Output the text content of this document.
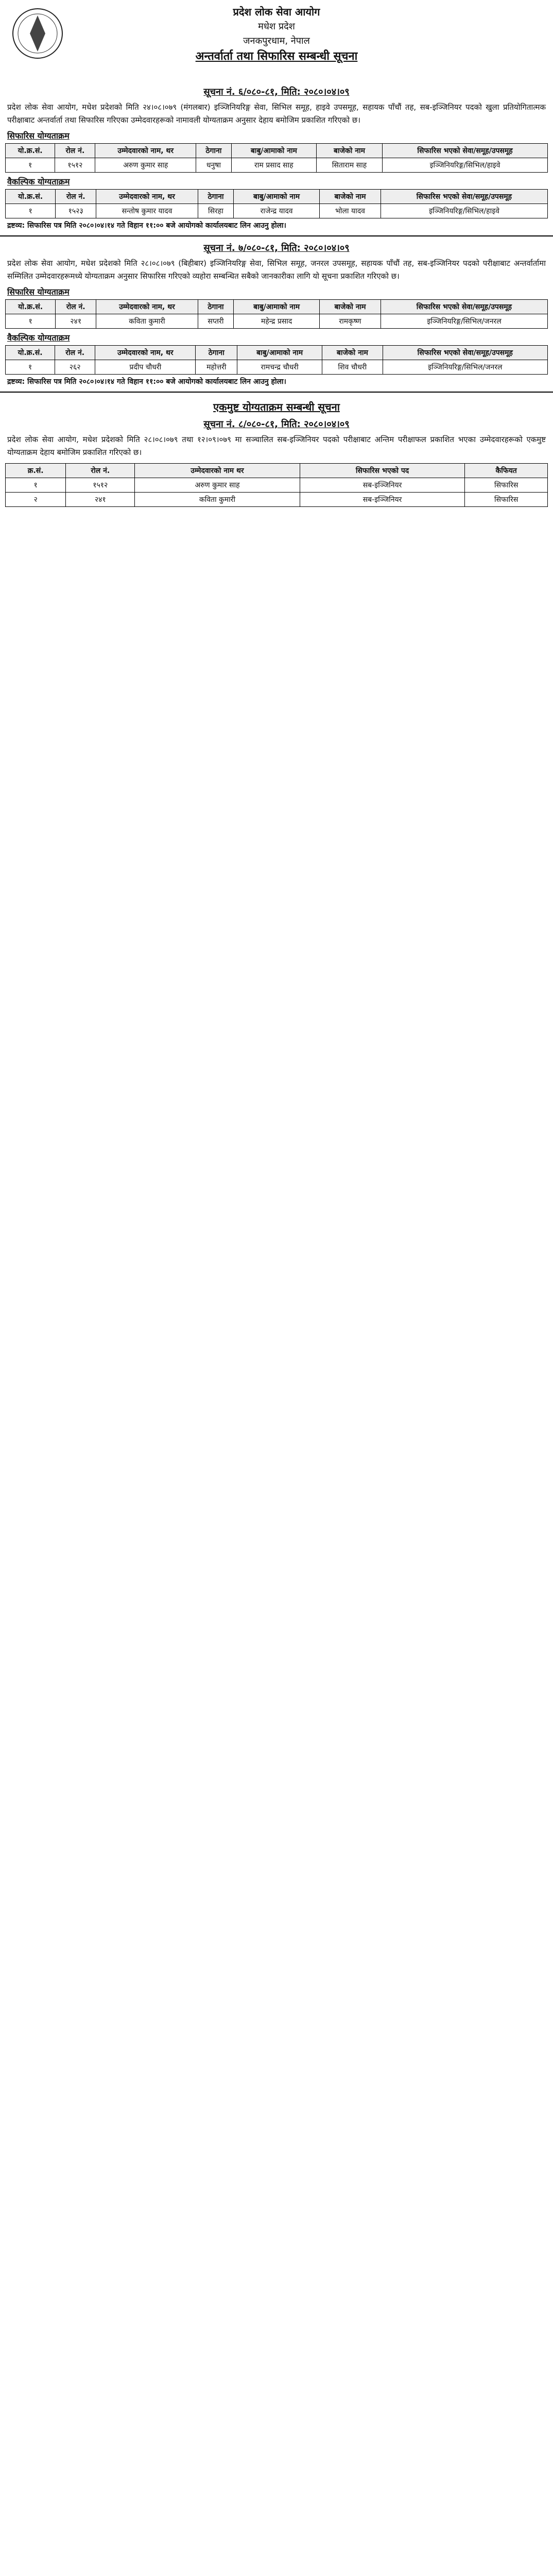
प्रदेश लोक सेवा आयोग
मधेश प्रदेश
जनकपुरधाम, नेपाल
अन्तर्वार्ता तथा सिफारिस सम्बन्धी सूचना
सूचना नं. ६/०८०-८१, मिति: २०८०।०४।०९
प्रदेश लोक सेवा आयोग, मधेश प्रदेशको मिति २४।०८।०७९ (मंगलबार) इञ्जिनियरिङ्ग सेवा, सिभिल समूह, हाइवे उपसमूह, सहायक पाँचौं तह, सब-इञ्जिनियर पदको खुला प्रतियोगितात्मक परीक्षाबाट अन्तर्वार्ता तथा सिफारिस गरिएका उम्मेदवारहरूको नामावली योग्यताक्रम अनुसार देहाय बमोजिम प्रकाशित गरिएको छ।
सिफारिस योग्यताक्रम
यो.क्र.सं.	रोल नं.	उम्मेदवारको नाम, थर	ठेगाना	बाबु/आमाको नाम	बाजेको नाम	सिफारिस भएको सेवा/समूह/उपसमूह
१	१५१२	अरुण कुमार साह	धनुषा	राम प्रसाद साह	सिताराम साह	इञ्जिनियरिङ्ग/सिभिल/हाइवे
वैकल्पिक योग्यताक्रम
यो.क्र.सं.	रोल नं.	उम्मेदवारको नाम, थर	ठेगाना	बाबु/आमाको नाम	बाजेको नाम	सिफारिस भएको सेवा/समूह/उपसमूह
१	१५२३	सन्तोष कुमार यादव	सिरहा	राजेन्द्र यादव	भोला यादव	इञ्जिनियरिङ्ग/सिभिल/हाइवे
द्रष्टव्य: सिफारिस पत्र मिति २०८०।०४।१४ गते विहान ११:०० बजे आयोगको कार्यालयबाट लिन आउनु होला।
सूचना नं. ७/०८०-८१, मिति: २०८०।०४।०९
प्रदेश लोक सेवा आयोग, मधेश प्रदेशको मिति २८।०८।०७९ (बिहीबार) इञ्जिनियरिङ्ग सेवा, सिभिल समूह, जनरल उपसमूह, सहायक पाँचौं तह, सब-इञ्जिनियर पदको परीक्षाबाट अन्तर्वार्तामा सम्मिलित उम्मेदवारहरूमध्ये योग्यताक्रम अनुसार सिफारिस गरिएको व्यहोरा सम्बन्धित सबैको जानकारीका लागि यो सूचना प्रकाशित गरिएको छ।
सिफारिस योग्यताक्रम
यो.क्र.सं.	रोल नं.	उम्मेदवारको नाम, थर	ठेगाना	बाबु/आमाको नाम	बाजेको नाम	सिफारिस भएको सेवा/समूह/उपसमूह
१	२४१	कविता कुमारी	सप्तरी	महेन्द्र प्रसाद	रामकृष्ण	इञ्जिनियरिङ्ग/सिभिल/जनरल
वैकल्पिक योग्यताक्रम
यो.क्र.सं.	रोल नं.	उम्मेदवारको नाम, थर	ठेगाना	बाबु/आमाको नाम	बाजेको नाम	सिफारिस भएको सेवा/समूह/उपसमूह
१	२६२	प्रदीप चौधरी	महोत्तरी	रामचन्द्र चौधरी	शिव चौधरी	इञ्जिनियरिङ्ग/सिभिल/जनरल
द्रष्टव्य: सिफारिस पत्र मिति २०८०।०४।१४ गते विहान ११:०० बजे आयोगको कार्यालयबाट लिन आउनु होला।
एकमुष्ट योग्यताक्रम सम्बन्धी सूचना
सूचना नं. ८/०८०-८१, मिति: २०८०।०४।०९
प्रदेश लोक सेवा आयोग, मधेश प्रदेशको मिति २८।०८।०७९ तथा १२।०९।०७९ मा सञ्चालित सब-इञ्जिनियर पदको परीक्षाबाट अन्तिम परीक्षाफल प्रकाशित भएका उम्मेदवारहरूको एकमुष्ट योग्यताक्रम देहाय बमोजिम प्रकाशित गरिएको छ।
क्र.सं.	रोल नं.	उम्मेदवारको नाम थर	सिफारिस भएको पद	कैफियत
१	१५१२	अरुण कुमार साह	सब-इञ्जिनियर	सिफारिस
२	२४१	कविता कुमारी	सब-इञ्जिनियर	सिफारिस
